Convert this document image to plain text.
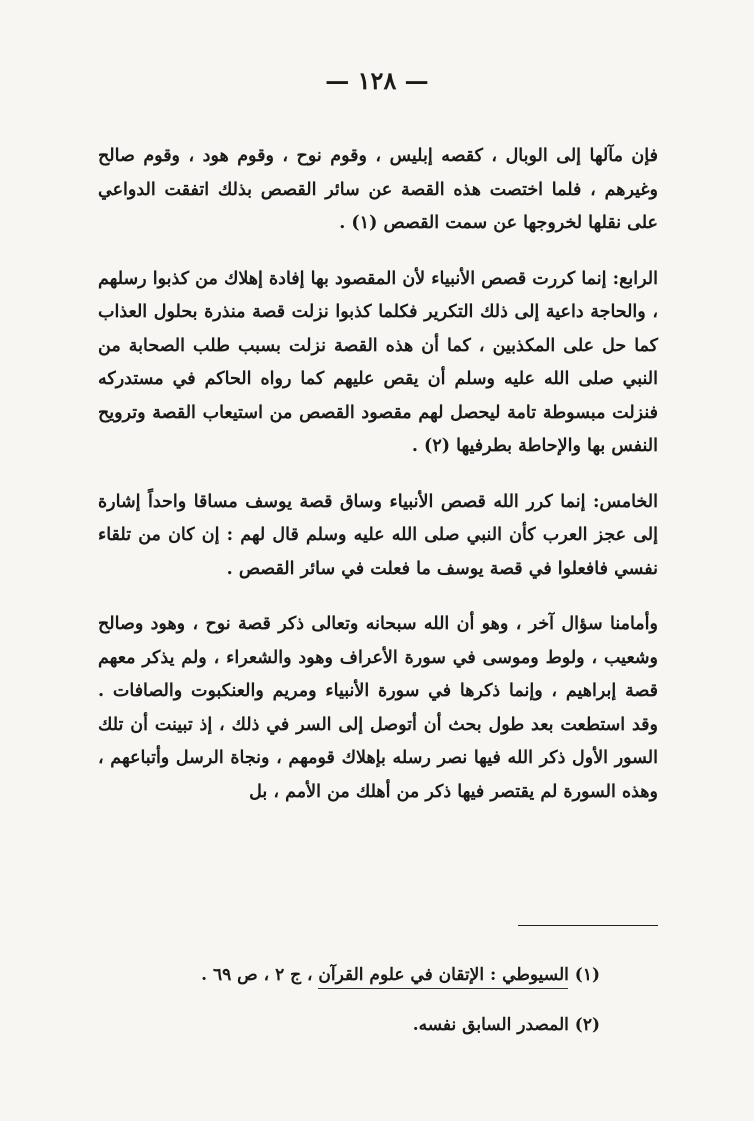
— ١٢٨ —

فإن مآلها إلى الوبال ، كقصه إبليس ، وقوم نوح ، وقوم هود ، وقوم صالح وغيرهم ، فلما اختصت هذه القصة عن سائر القصص بذلك اتفقت الدواعي على نقلها لخروجها عن سمت القصص (١) .

الرابع: إنما كررت قصص الأنبياء لأن المقصود بها إفادة إهلاك من كذبوا رسلهم ، والحاجة داعية إلى ذلك التكرير فكلما كذبوا نزلت قصة منذرة بحلول العذاب كما حل على المكذبين ، كما أن هذه القصة نزلت بسبب طلب الصحابة من النبي صلى الله عليه وسلم أن يقص عليهم كما رواه الحاكم في مستدركه فنزلت مبسوطة تامة ليحصل لهم مقصود القصص من استيعاب القصة وترويح النفس بها والإحاطة بطرفيها (٢) .

الخامس: إنما كرر الله قصص الأنبياء وساق قصة يوسف مساقا واحداً إشارة إلى عجز العرب كأن النبي صلى الله عليه وسلم قال لهم : إن كان من تلقاء نفسي فافعلوا في قصة يوسف ما فعلت في سائر القصص .

وأمامنا سؤال آخر ، وهو أن الله سبحانه وتعالى ذكر قصة نوح ، وهود وصالح وشعيب ، ولوط وموسى في سورة الأعراف وهود والشعراء ، ولم يذكر معهم قصة إبراهيم ، وإنما ذكرها في سورة الأنبياء ومريم والعنكبوت والصافات . وقد استطعت بعد طول بحث أن أتوصل إلى السر في ذلك ، إذ تبينت أن تلك السور الأول ذكر الله فيها نصر رسله بإهلاك قومهم ، ونجاة الرسل وأتباعهم ، وهذه السورة لم يقتصر فيها ذكر من أهلك من الأمم ، بل

(١) السيوطي : الإتقان في علوم القرآن ، ج ٢ ، ص ٦٩ .
(٢) المصدر السابق نفسه.
